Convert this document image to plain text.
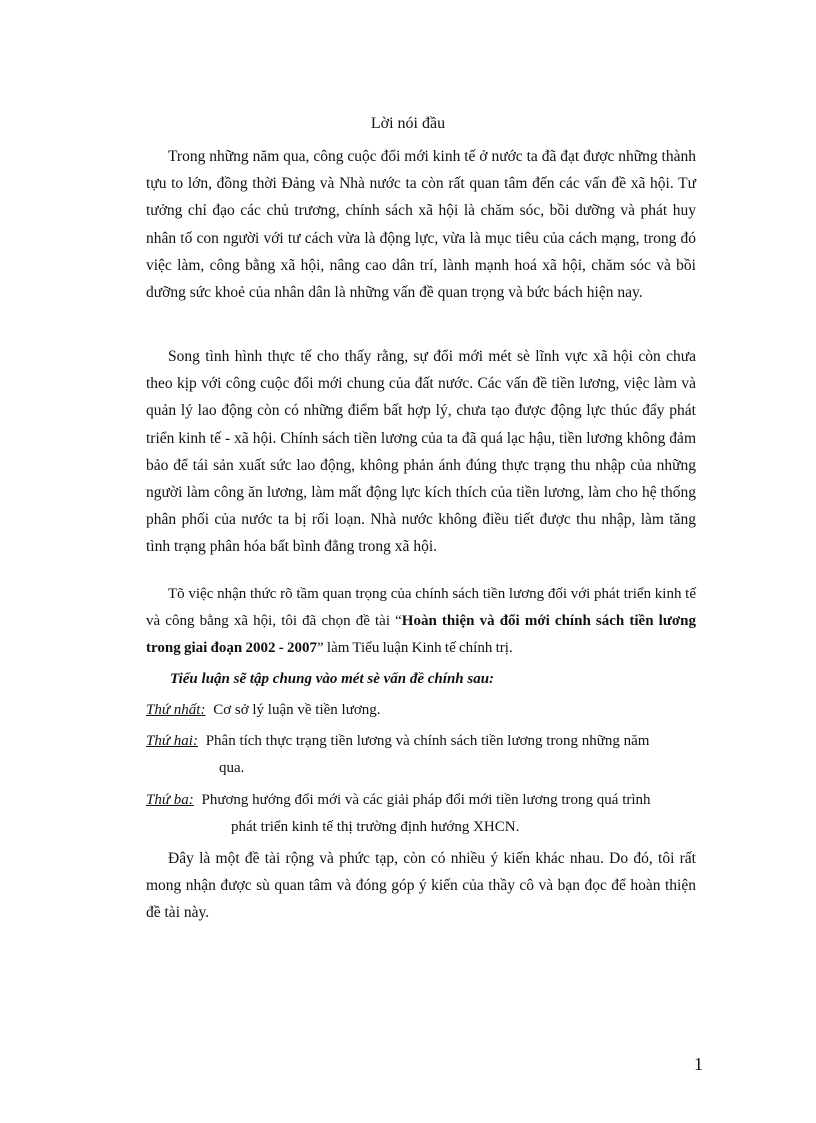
Lời nói đầu

Trong những năm qua, công cuộc đổi mới kinh tế ở nước ta đã đạt được những thành tựu to lớn, đồng thời Đảng và Nhà nước ta còn rất quan tâm đến các vấn đề xã hội. Tư tưởng chỉ đạo các chủ trương, chính sách xã hội là chăm sóc, bồi dưỡng và phát huy nhân tố con người với tư cách vừa là động lực, vừa là mục tiêu của cách mạng, trong đó việc làm, công bằng xã hội, nâng cao dân trí, lành mạnh hoá xã hội, chăm sóc và bồi dưỡng sức khoẻ của nhân dân là những vấn đề quan trọng và bức bách hiện nay.

Song tình hình thực tế cho thấy rằng, sự đổi mới mét sè lĩnh vực xã hội còn chưa theo kịp với công cuộc đổi mới chung của đất nước. Các vấn đề tiền lương, việc làm và quản lý lao động còn có những điểm bất hợp lý, chưa tạo được động lực thúc đẩy phát triển kinh tế - xã hội. Chính sách tiền lương của ta đã quá lạc hậu, tiền lương không đảm bảo để tái sản xuất sức lao động, không phản ánh đúng thực trạng thu nhập của những người làm công ăn lương, làm mất động lực kích thích của tiền lương, làm cho hệ thống phân phối của nước ta bị rối loạn. Nhà nước không điều tiết được thu nhập, làm tăng tình trạng phân hóa bất bình đẳng trong xã hội.

Tõ việc nhận thức rõ tầm quan trọng của chính sách tiền lương đối với phát triển kinh tế và công bằng xã hội, tôi đã chọn đề tài “Hoàn thiện và đổi mới chính sách tiền lương trong giai đoạn 2002 - 2007” làm Tiểu luận Kinh tế chính trị.

Tiểu luận sẽ tập chung vào mét sè vấn đề chính sau:
Thứ nhất: Cơ sở lý luận về tiền lương.
Thứ hai: Phân tích thực trạng tiền lương và chính sách tiền lương trong những năm
qua.
Thứ ba: Phương hướng đổi mới và các giải pháp đổi mới tiền lương trong quá trình
phát triển kinh tế thị trường định hướng XHCN.

Đây là một đề tài rộng và phức tạp, còn có nhiều ý kiến khác nhau. Do đó, tôi rất mong nhận được sù quan tâm và đóng góp ý kiến của thầy cô và bạn đọc để hoàn thiện đề tài này.

1
